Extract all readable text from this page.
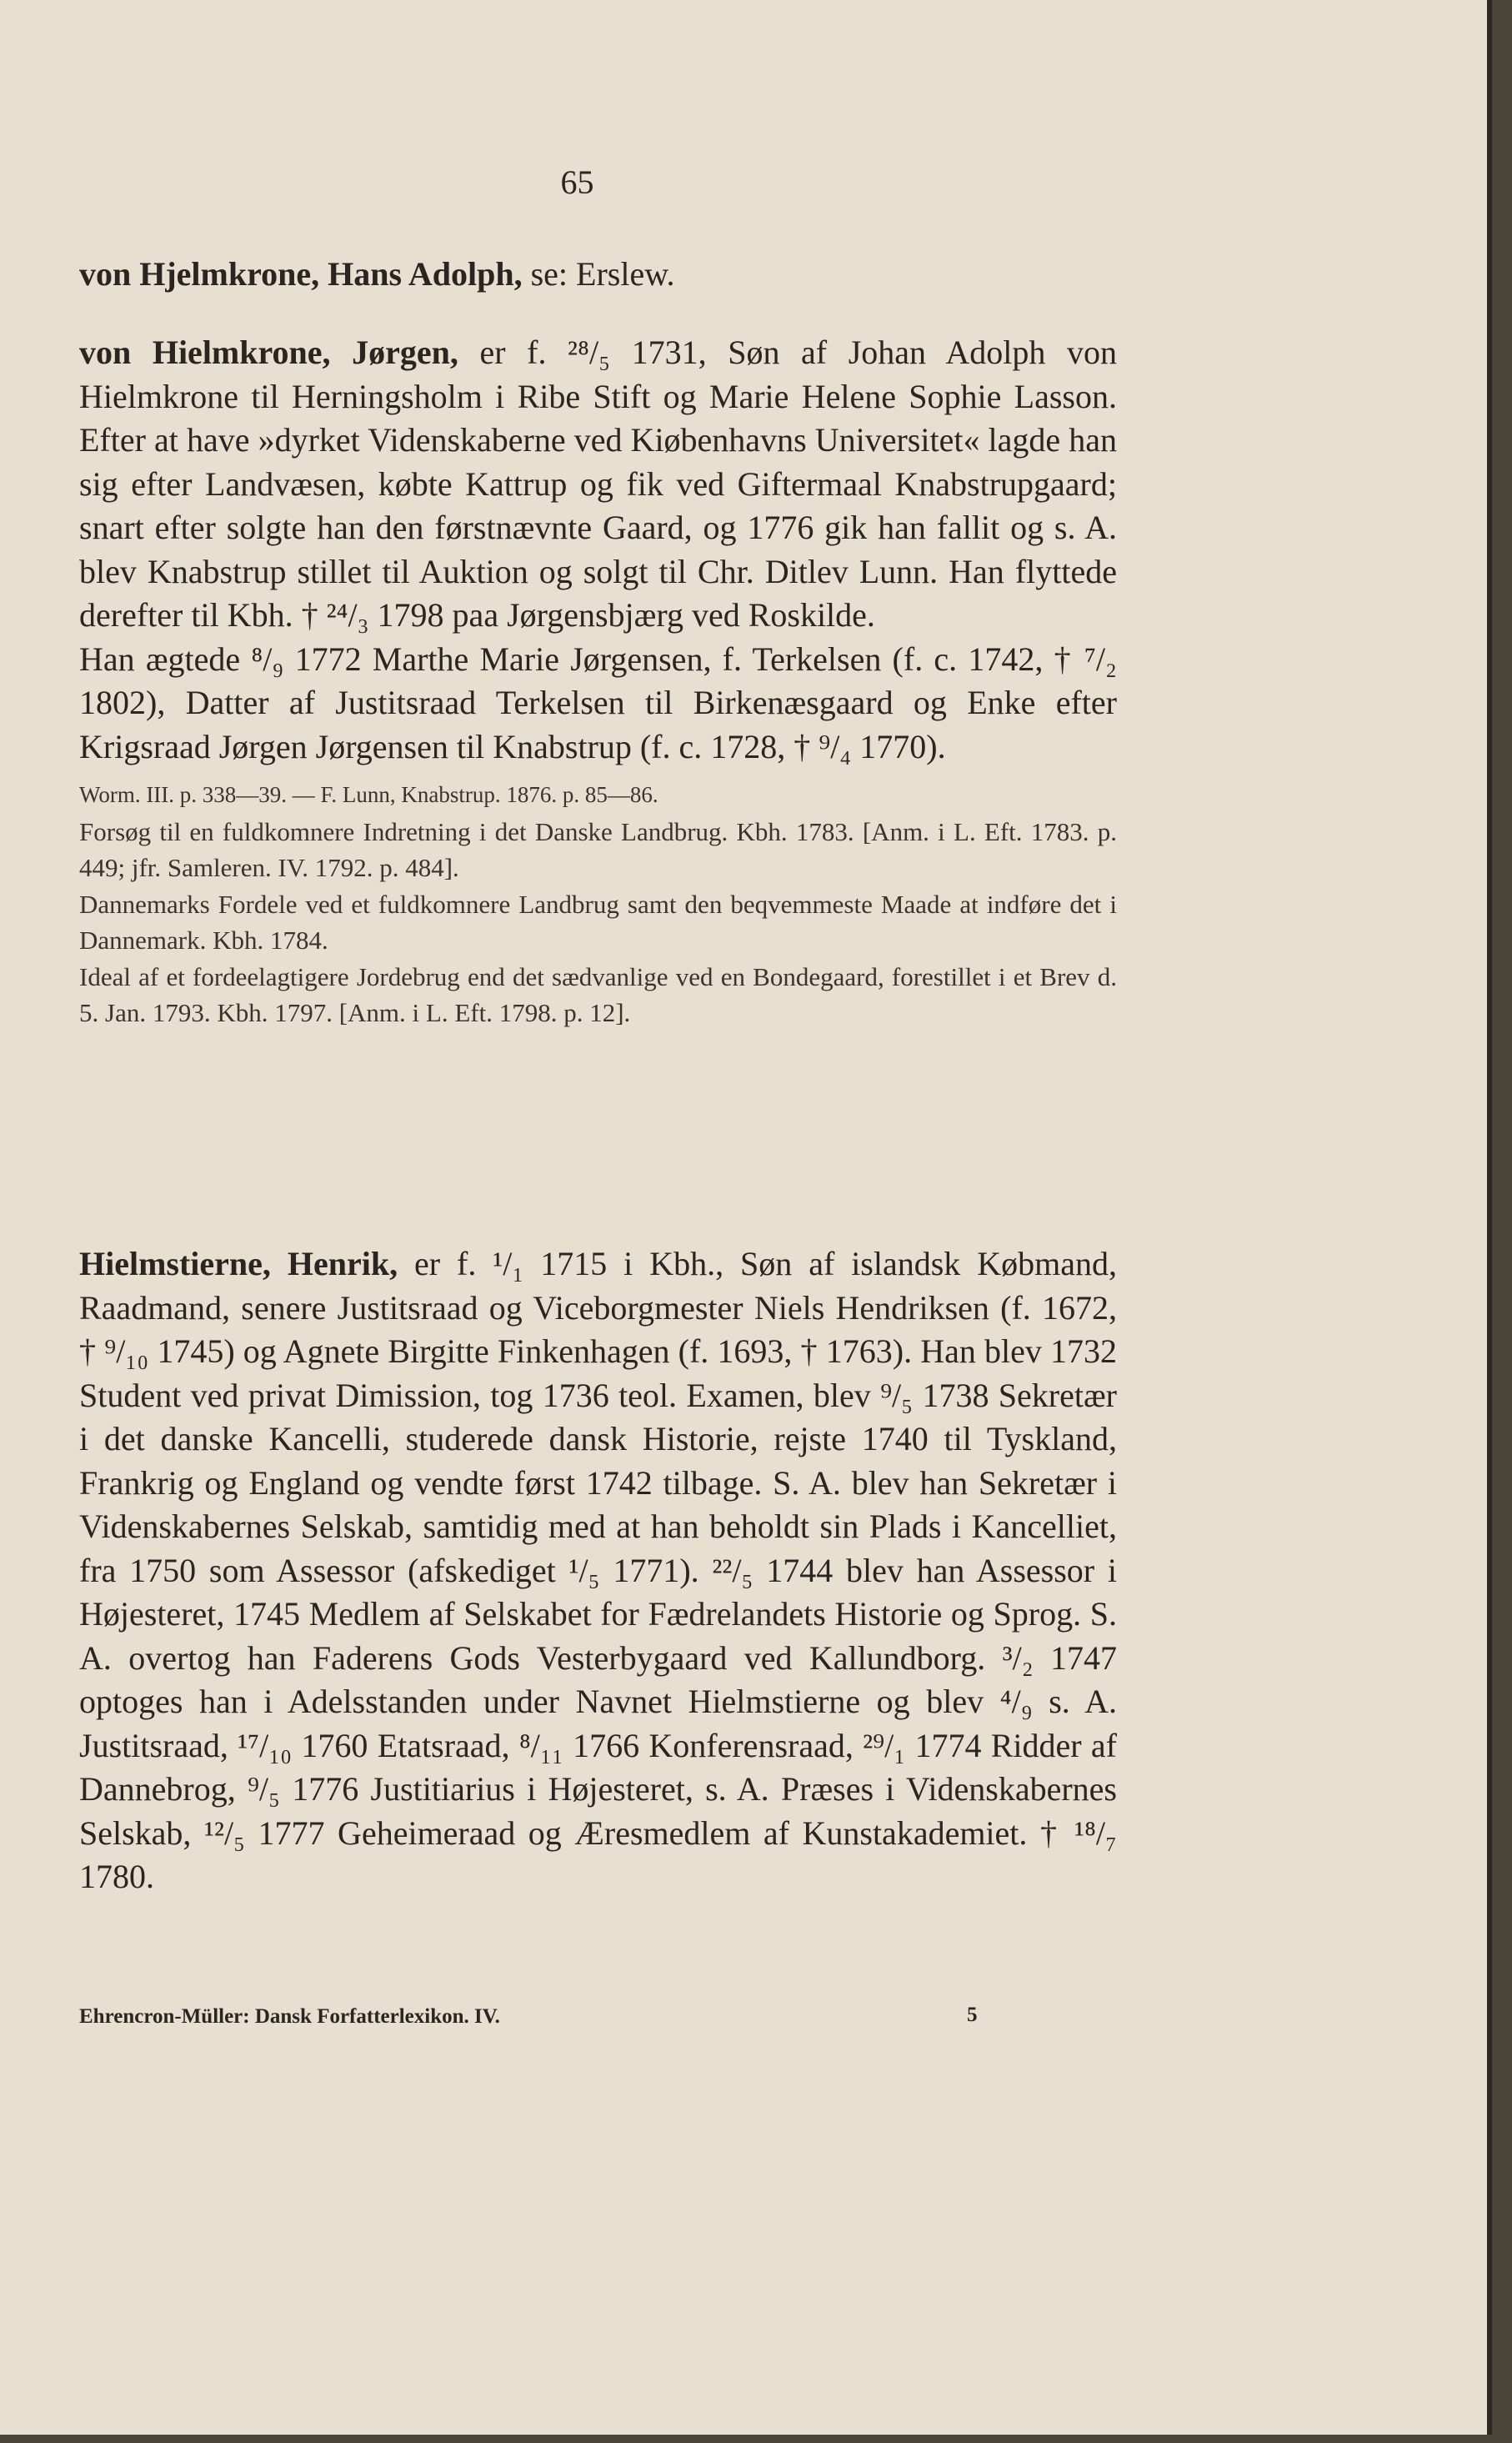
65

von Hjelmkrone, Hans Adolph, se: Erslew.

von Hielmkrone, Jørgen, er f. ²⁸/₅ 1731, Søn af Johan Adolph von Hielmkrone til Herningsholm i Ribe Stift og Marie Helene Sophie Lasson. Efter at have »dyrket Videnskaberne ved Kiøbenhavns Universitet« lagde han sig efter Landvæsen, købte Kattrup og fik ved Giftermaal Knabstrupgaard; snart efter solgte han den førstnævnte Gaard, og 1776 gik han fallit og s. A. blev Knabstrup stillet til Auktion og solgt til Chr. Ditlev Lunn. Han flyttede derefter til Kbh. † ²⁴/₃ 1798 paa Jørgensbjærg ved Roskilde.

Han ægtede ⁸/₉ 1772 Marthe Marie Jørgensen, f. Terkelsen (f. c. 1742, † ⁷/₂ 1802), Datter af Justitsraad Terkelsen til Birkenæsgaard og Enke efter Krigsraad Jørgen Jørgensen til Knabstrup (f. c. 1728, † ⁹/₄ 1770).

Worm. III. p. 338—39. — F. Lunn, Knabstrup. 1876. p. 85—86.
Forsøg til en fuldkomnere Indretning i det Danske Landbrug. Kbh. 1783. [Anm. i L. Eft. 1783. p. 449; jfr. Samleren. IV. 1792. p. 484].
Dannemarks Fordele ved et fuldkomnere Landbrug samt den beqvemmeste Maade at indføre det i Dannemark. Kbh. 1784.
Ideal af et fordeelagtigere Jordebrug end det sædvanlige ved en Bondegaard, forestillet i et Brev d. 5. Jan. 1793. Kbh. 1797. [Anm. i L. Eft. 1798. p. 12].

Hielmstierne, Henrik, er f. ¹/₁ 1715 i Kbh., Søn af islandsk Købmand, Raadmand, senere Justitsraad og Viceborgmester Niels Hendriksen (f. 1672, † ⁹/₁₀ 1745) og Agnete Birgitte Finkenhagen (f. 1693, † 1763). Han blev 1732 Student ved privat Dimission, tog 1736 teol. Examen, blev ⁹/₅ 1738 Sekretær i det danske Kancelli, studerede dansk Historie, rejste 1740 til Tyskland, Frankrig og England og vendte først 1742 tilbage. S. A. blev han Sekretær i Videnskabernes Selskab, samtidig med at han beholdt sin Plads i Kancelliet, fra 1750 som Assessor (afskediget ¹/₅ 1771). ²²/₅ 1744 blev han Assessor i Højesteret, 1745 Medlem af Selskabet for Fædrelandets Historie og Sprog. S. A. overtog han Faderens Gods Vesterbygaard ved Kallundborg. ³/₂ 1747 optoges han i Adelsstanden under Navnet Hielmstierne og blev ⁴/₉ s. A. Justitsraad, ¹⁷/₁₀ 1760 Etatsraad, ⁸/₁₁ 1766 Konferensraad, ²⁹/₁ 1774 Ridder af Dannebrog, ⁹/₅ 1776 Justitiarius i Højesteret, s. A. Præses i Videnskabernes Selskab, ¹²/₅ 1777 Geheimeraad og Æresmedlem af Kunstakademiet. † ¹⁸/₇ 1780.

Ehrencron-Müller: Dansk Forfatterlexikon. IV.	5
